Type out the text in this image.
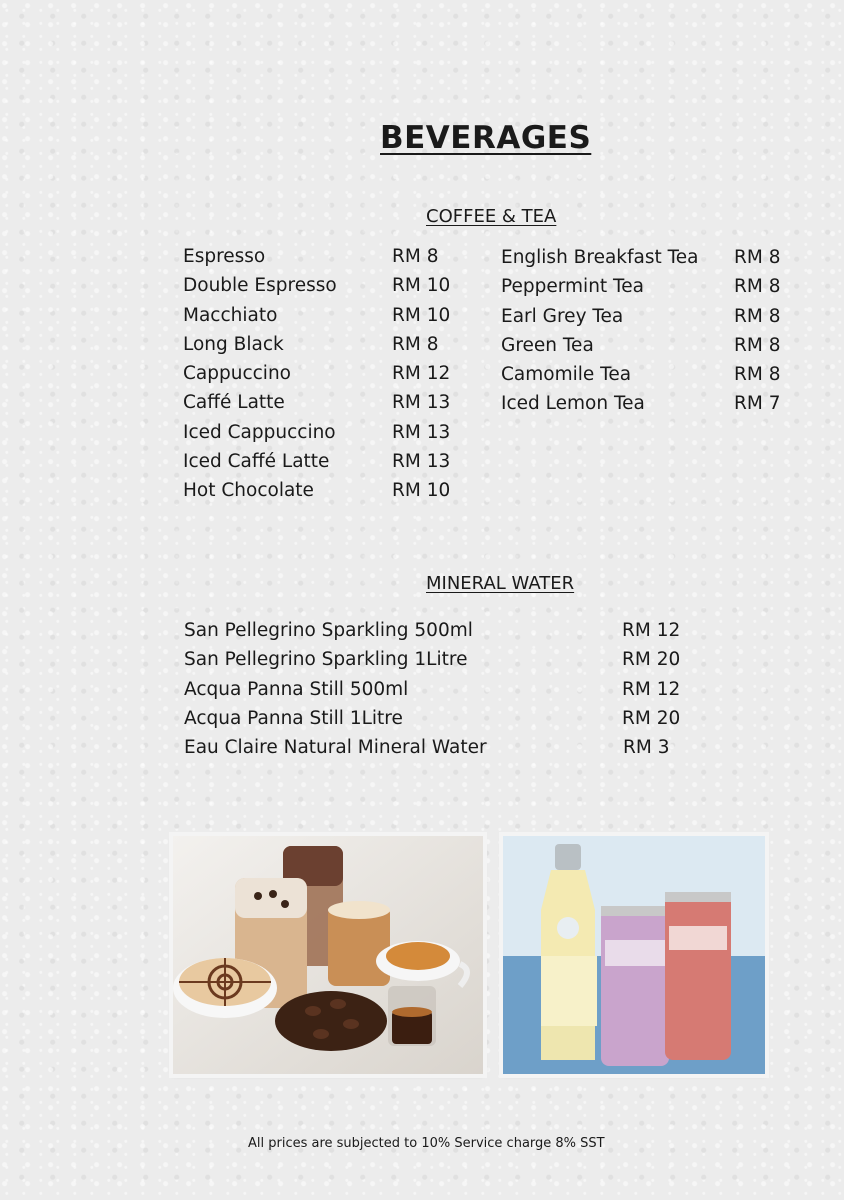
BEVERAGES
COFFEE & TEA
Espresso	RM 8
Double Espresso	RM 10
Macchiato	RM 10
Long Black	RM 8
Cappuccino	RM 12
Caffé Latte	RM 13
Iced Cappuccino	RM 13
Iced Caffé Latte	RM 13
Hot Chocolate	RM 10
English Breakfast Tea RM 8
Peppermint Tea	RM 8
Earl Grey Tea	RM 8
Green Tea	RM 8
Camomile Tea	RM 8
Iced Lemon Tea	RM 7
MINERAL WATER
San Pellegrino Sparkling 500ml	RM 12
San Pellegrino Sparkling 1Litre	RM 20
Acqua Panna Still 500ml	RM 12
Acqua Panna Still 1Litre	RM 20
Eau Claire Natural Mineral Water	RM 3
All prices are subjected to 10% Service charge 8% SST
